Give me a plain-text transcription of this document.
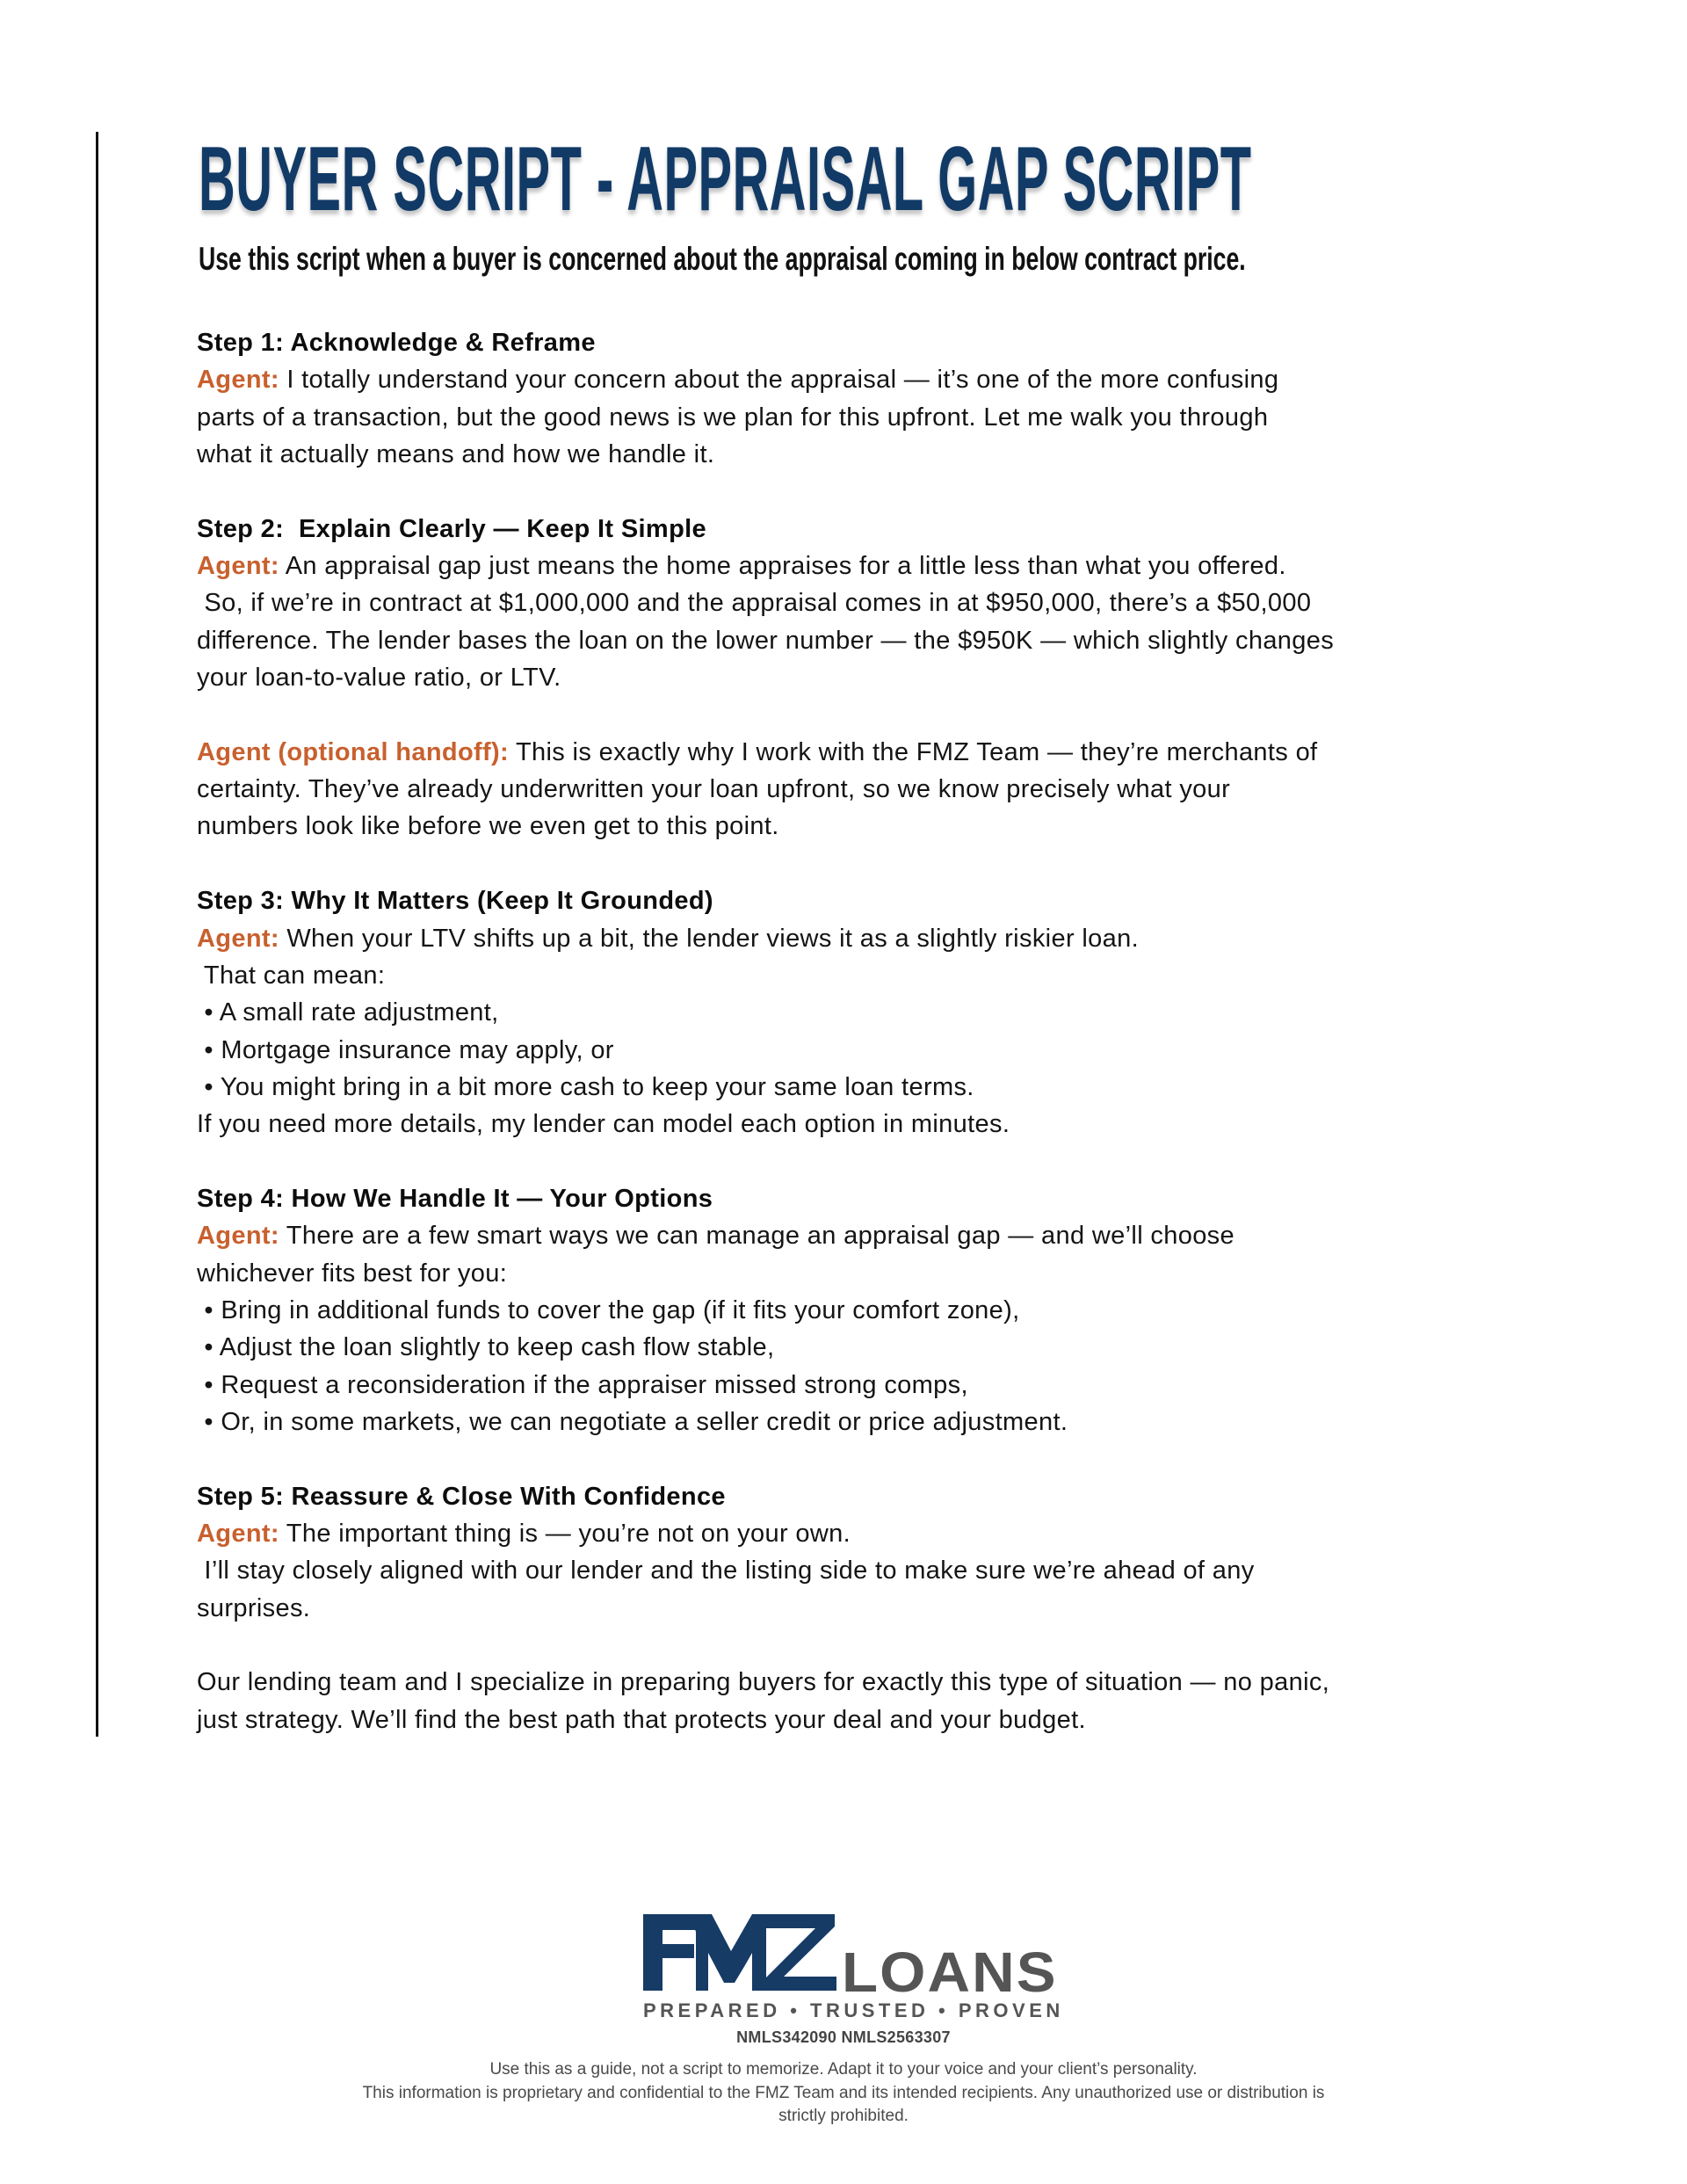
BUYER SCRIPT - APPRAISAL GAP SCRIPT
Use this script when a buyer is concerned about the appraisal coming in below contract price.
Step 1: Acknowledge & Reframe
Agent: I totally understand your concern about the appraisal — it’s one of the more confusing
parts of a transaction, but the good news is we plan for this upfront. Let me walk you through
what it actually means and how we handle it.
Step 2:  Explain Clearly — Keep It Simple
Agent: An appraisal gap just means the home appraises for a little less than what you offered.
So, if we’re in contract at $1,000,000 and the appraisal comes in at $950,000, there’s a $50,000
difference. The lender bases the loan on the lower number — the $950K — which slightly changes
your loan-to-value ratio, or LTV.
Agent (optional handoff): This is exactly why I work with the FMZ Team — they’re merchants of
certainty. They’ve already underwritten your loan upfront, so we know precisely what your
numbers look like before we even get to this point.
Step 3: Why It Matters (Keep It Grounded)
Agent: When your LTV shifts up a bit, the lender views it as a slightly riskier loan.
That can mean:
• A small rate adjustment,
• Mortgage insurance may apply, or
• You might bring in a bit more cash to keep your same loan terms.
If you need more details, my lender can model each option in minutes.
Step 4: How We Handle It — Your Options
Agent: There are a few smart ways we can manage an appraisal gap — and we’ll choose
whichever fits best for you:
• Bring in additional funds to cover the gap (if it fits your comfort zone),
• Adjust the loan slightly to keep cash flow stable,
• Request a reconsideration if the appraiser missed strong comps,
• Or, in some markets, we can negotiate a seller credit or price adjustment.
Step 5: Reassure & Close With Confidence
Agent: The important thing is — you’re not on your own.
I’ll stay closely aligned with our lender and the listing side to make sure we’re ahead of any
surprises.
Our lending team and I specialize in preparing buyers for exactly this type of situation — no panic,
just strategy. We’ll find the best path that protects your deal and your budget.
LOANS
PREPARED • TRUSTED • PROVEN
NMLS342090 NMLS2563307
Use this as a guide, not a script to memorize. Adapt it to your voice and your client’s personality.
This information is proprietary and confidential to the FMZ Team and its intended recipients. Any unauthorized use or distribution is
strictly prohibited.
